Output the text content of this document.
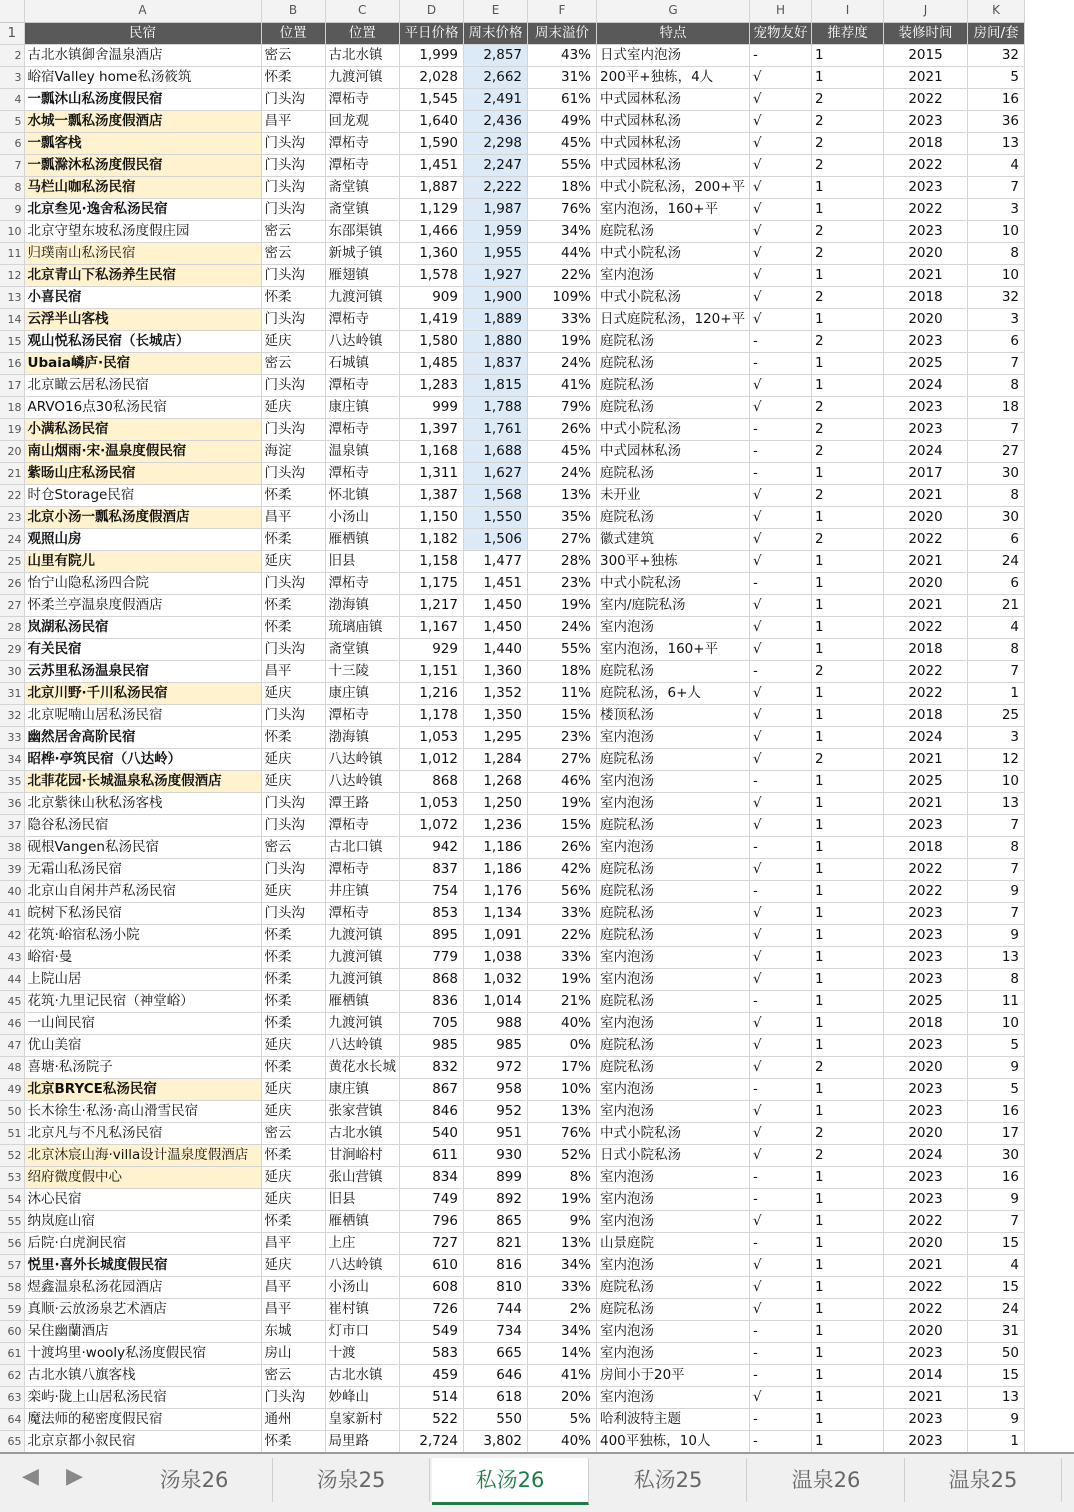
	A	B	C	D	E	F	G	H	I	J	K
1	民宿	位置	位置	平日价格	周末价格	周末溢价	特点	宠物友好	推荐度	装修时间	房间/套
2	古北水镇御舍温泉酒店	密云	古北水镇	1,999	2,857	43%	日式室内泡汤	-	1	2015	32
3	峪宿Valley home私汤筱筑	怀柔	九渡河镇	2,028	2,662	31%	200平+独栋，4人	√	1	2021	5
4	一瓢沐山私汤度假民宿	门头沟	潭柘寺	1,545	2,491	61%	中式园林私汤	√	2	2022	16
5	水城一瓢私汤度假酒店	昌平	回龙观	1,640	2,436	49%	中式园林私汤	√	2	2023	36
6	一瓢客栈	门头沟	潭柘寺	1,590	2,298	45%	中式园林私汤	√	2	2018	13
7	一瓢滁沐私汤度假民宿	门头沟	潭柘寺	1,451	2,247	55%	中式园林私汤	√	2	2022	4
8	马栏山咖私汤民宿	门头沟	斋堂镇	1,887	2,222	18%	中式小院私汤，200+平	√	1	2023	7
9	北京叁见·逸舍私汤民宿	门头沟	斋堂镇	1,129	1,987	76%	室内泡汤，160+平	√	1	2022	3
10	北京守望东坡私汤度假庄园	密云	东邵渠镇	1,466	1,959	34%	庭院私汤	√	2	2023	10
11	归璞南山私汤民宿	密云	新城子镇	1,360	1,955	44%	中式小院私汤	√	2	2020	8
12	北京青山下私汤养生民宿	门头沟	雁翅镇	1,578	1,927	22%	室内泡汤	√	1	2021	10
13	小喜民宿	怀柔	九渡河镇	909	1,900	109%	中式小院私汤	√	2	2018	32
14	云浮半山客栈	门头沟	潭柘寺	1,419	1,889	33%	日式庭院私汤，120+平	√	1	2020	3
15	观山悦私汤民宿（长城店）	延庆	八达岭镇	1,580	1,880	19%	庭院私汤	-	2	2023	6
16	Ubaia嶙庐·民宿	密云	石城镇	1,485	1,837	24%	庭院私汤	-	1	2025	7
17	北京瞰云居私汤民宿	门头沟	潭柘寺	1,283	1,815	41%	庭院私汤	√	1	2024	8
18	ARVO16点30私汤民宿	延庆	康庄镇	999	1,788	79%	庭院私汤	√	2	2023	18
19	小满私汤民宿	门头沟	潭柘寺	1,397	1,761	26%	中式小院私汤	-	2	2023	7
20	南山烟雨·宋·温泉度假民宿	海淀	温泉镇	1,168	1,688	45%	中式园林私汤	-	2	2024	27
21	紫旸山庄私汤民宿	门头沟	潭柘寺	1,311	1,627	24%	庭院私汤	-	1	2017	30
22	时仓Storage民宿	怀柔	怀北镇	1,387	1,568	13%	未开业	√	2	2021	8
23	北京小汤一瓢私汤度假酒店	昌平	小汤山	1,150	1,550	35%	庭院私汤	√	1	2020	30
24	观照山房	怀柔	雁栖镇	1,182	1,506	27%	徽式建筑	√	2	2022	6
25	山里有院儿	延庆	旧县	1,158	1,477	28%	300平+独栋	√	1	2021	24
26	怡宁山隐私汤四合院	门头沟	潭柘寺	1,175	1,451	23%	中式小院私汤	-	1	2020	6
27	怀柔兰亭温泉度假酒店	怀柔	渤海镇	1,217	1,450	19%	室内/庭院私汤	√	1	2021	21
28	岚湖私汤民宿	怀柔	琉璃庙镇	1,167	1,450	24%	室内泡汤	√	1	2022	4
29	有关民宿	门头沟	斋堂镇	929	1,440	55%	室内泡汤，160+平	√	1	2018	8
30	云苏里私汤温泉民宿	昌平	十三陵	1,151	1,360	18%	庭院私汤	-	2	2022	7
31	北京川野·千川私汤民宿	延庆	康庄镇	1,216	1,352	11%	庭院私汤，6+人	√	1	2022	1
32	北京呢喃山居私汤民宿	门头沟	潭柘寺	1,178	1,350	15%	楼顶私汤	√	1	2018	25
33	幽然居舍高阶民宿	怀柔	渤海镇	1,053	1,295	23%	室内泡汤	√	1	2024	3
34	昭桦·亭筑民宿（八达岭）	延庆	八达岭镇	1,012	1,284	27%	庭院私汤	√	2	2021	12
35	北菲花园·长城温泉私汤度假酒店	延庆	八达岭镇	868	1,268	46%	室内泡汤	-	1	2025	10
36	北京紫徕山秋私汤客栈	门头沟	潭王路	1,053	1,250	19%	室内泡汤	√	1	2021	13
37	隐谷私汤民宿	门头沟	潭柘寺	1,072	1,236	15%	庭院私汤	√	1	2023	7
38	砚根Vangen私汤民宿	密云	古北口镇	942	1,186	26%	室内泡汤	-	1	2018	8
39	无霜山私汤民宿	门头沟	潭柘寺	837	1,186	42%	庭院私汤	√	1	2022	7
40	北京山自闲井芦私汤民宿	延庆	井庄镇	754	1,176	56%	庭院私汤	-	1	2022	9
41	皖树下私汤民宿	门头沟	潭柘寺	853	1,134	33%	庭院私汤	√	1	2023	7
42	花筑·峪宿私汤小院	怀柔	九渡河镇	895	1,091	22%	庭院私汤	√	1	2023	9
43	峪宿·曼	怀柔	九渡河镇	779	1,038	33%	室内泡汤	√	1	2023	13
44	上院山居	怀柔	九渡河镇	868	1,032	19%	室内泡汤	√	1	2023	8
45	花筑·九里记民宿（神堂峪）	怀柔	雁栖镇	836	1,014	21%	庭院私汤	-	1	2025	11
46	一山间民宿	怀柔	九渡河镇	705	988	40%	室内泡汤	√	1	2018	10
47	优山美宿	延庆	八达岭镇	985	985	0%	庭院私汤	√	1	2023	5
48	喜塘·私汤院子	怀柔	黄花水长城	832	972	17%	庭院私汤	√	2	2020	9
49	北京BRYCE私汤民宿	延庆	康庄镇	867	958	10%	室内泡汤	-	1	2023	5
50	长木徐生·私汤·高山滑雪民宿	延庆	张家营镇	846	952	13%	室内泡汤	√	1	2023	16
51	北京凡与不凡私汤民宿	密云	古北水镇	540	951	76%	中式小院私汤	√	2	2020	17
52	北京沐宸山海·villa设计温泉度假酒店	怀柔	甘涧峪村	611	930	52%	日式小院私汤	√	2	2024	30
53	绍府微度假中心	延庆	张山营镇	834	899	8%	室内泡汤	-	1	2023	16
54	沐心民宿	延庆	旧县	749	892	19%	室内泡汤	-	1	2023	9
55	纳岚庭山宿	怀柔	雁栖镇	796	865	9%	室内泡汤	√	1	2022	7
56	后院·白虎涧民宿	昌平	上庄	727	821	13%	山景庭院	-	1	2020	15
57	悦里·喜外长城度假民宿	延庆	八达岭镇	610	816	34%	室内泡汤	√	1	2021	4
58	煜鑫温泉私汤花园酒店	昌平	小汤山	608	810	33%	庭院私汤	√	1	2022	15
59	真顺·云放汤泉艺术酒店	昌平	崔村镇	726	744	2%	庭院私汤	√	1	2022	24
60	呆住幽蘭酒店	东城	灯市口	549	734	34%	室内泡汤	-	1	2020	31
61	十渡坞里·wooly私汤度假民宿	房山	十渡	583	665	14%	室内泡汤	-	1	2023	50
62	古北水镇八旗客栈	密云	古北水镇	459	646	41%	房间小于20平	-	1	2014	15
63	栾屿·陇上山居私汤民宿	门头沟	妙峰山	514	618	20%	室内泡汤	√	1	2021	13
64	魔法师的秘密度假民宿	通州	皇家新村	522	550	5%	哈利波特主题	-	1	2023	9
65	北京京都小叙民宿	怀柔	局里路	2,724	3,802	40%	400平独栋，10人	-	1	2023	1
◀ ▶	汤泉26	汤泉25	私汤26	私汤25	温泉26	温泉25
